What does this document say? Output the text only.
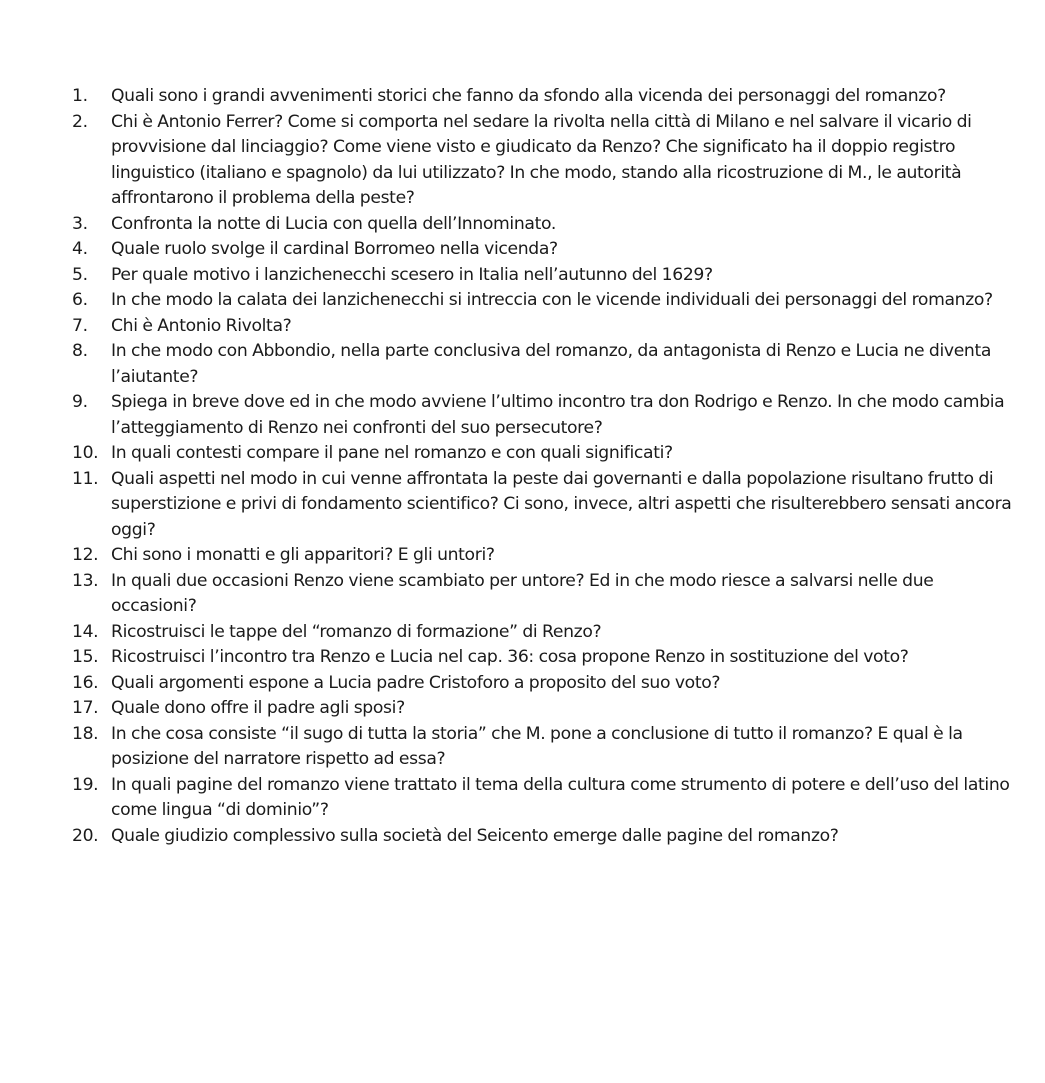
1.	Quali sono i grandi avvenimenti storici che fanno da sfondo alla vicenda dei personaggi del romanzo?
2.	Chi è Antonio Ferrer? Come si comporta nel sedare la rivolta nella città di Milano e nel salvare il vicario di provvisione dal linciaggio? Come viene visto e giudicato da Renzo? Che significato ha il doppio registro linguistico (italiano e spagnolo) da lui utilizzato? In che modo, stando alla ricostruzione di M., le autorità affrontarono il problema della peste?
3.	Confronta la notte di Lucia con quella dell’Innominato.
4.	Quale ruolo svolge il cardinal Borromeo nella vicenda?
5.	Per quale motivo i lanzichenecchi scesero in Italia nell’autunno del 1629?
6.	In che modo la calata dei lanzichenecchi si intreccia con le vicende individuali dei personaggi del romanzo?
7.	Chi è Antonio Rivolta?
8.	In che modo con Abbondio, nella parte conclusiva del romanzo, da antagonista di Renzo e Lucia ne diventa l’aiutante?
9.	Spiega in breve dove ed in che modo avviene l’ultimo incontro tra don Rodrigo e Renzo. In che modo cambia l’atteggiamento di Renzo nei confronti del suo persecutore?
10. In quali contesti compare il pane nel romanzo e con quali significati?
11. Quali aspetti nel modo in cui venne affrontata la peste dai governanti e dalla popolazione risultano frutto di superstizione e privi di fondamento scientifico? Ci sono, invece, altri aspetti che risulterebbero sensati ancora oggi?
12. Chi sono i monatti e gli apparitori? E gli untori?
13. In quali due occasioni Renzo viene scambiato per untore? Ed in che modo riesce a salvarsi nelle due occasioni?
14. Ricostruisci le tappe del “romanzo di formazione” di Renzo?
15. Ricostruisci l’incontro tra Renzo e Lucia nel cap. 36: cosa propone Renzo in sostituzione del voto?
16. Quali argomenti espone a Lucia padre Cristoforo a proposito del suo voto?
17. Quale dono offre il padre agli sposi?
18. In che cosa consiste “il sugo di tutta la storia” che M. pone a conclusione di tutto il romanzo? E qual è la posizione del narratore rispetto ad essa?
19. In quali pagine del romanzo viene trattato il tema della cultura come strumento di potere e dell’uso del latino come lingua “di dominio”?
20. Quale giudizio complessivo sulla società del Seicento emerge dalle pagine del romanzo?
